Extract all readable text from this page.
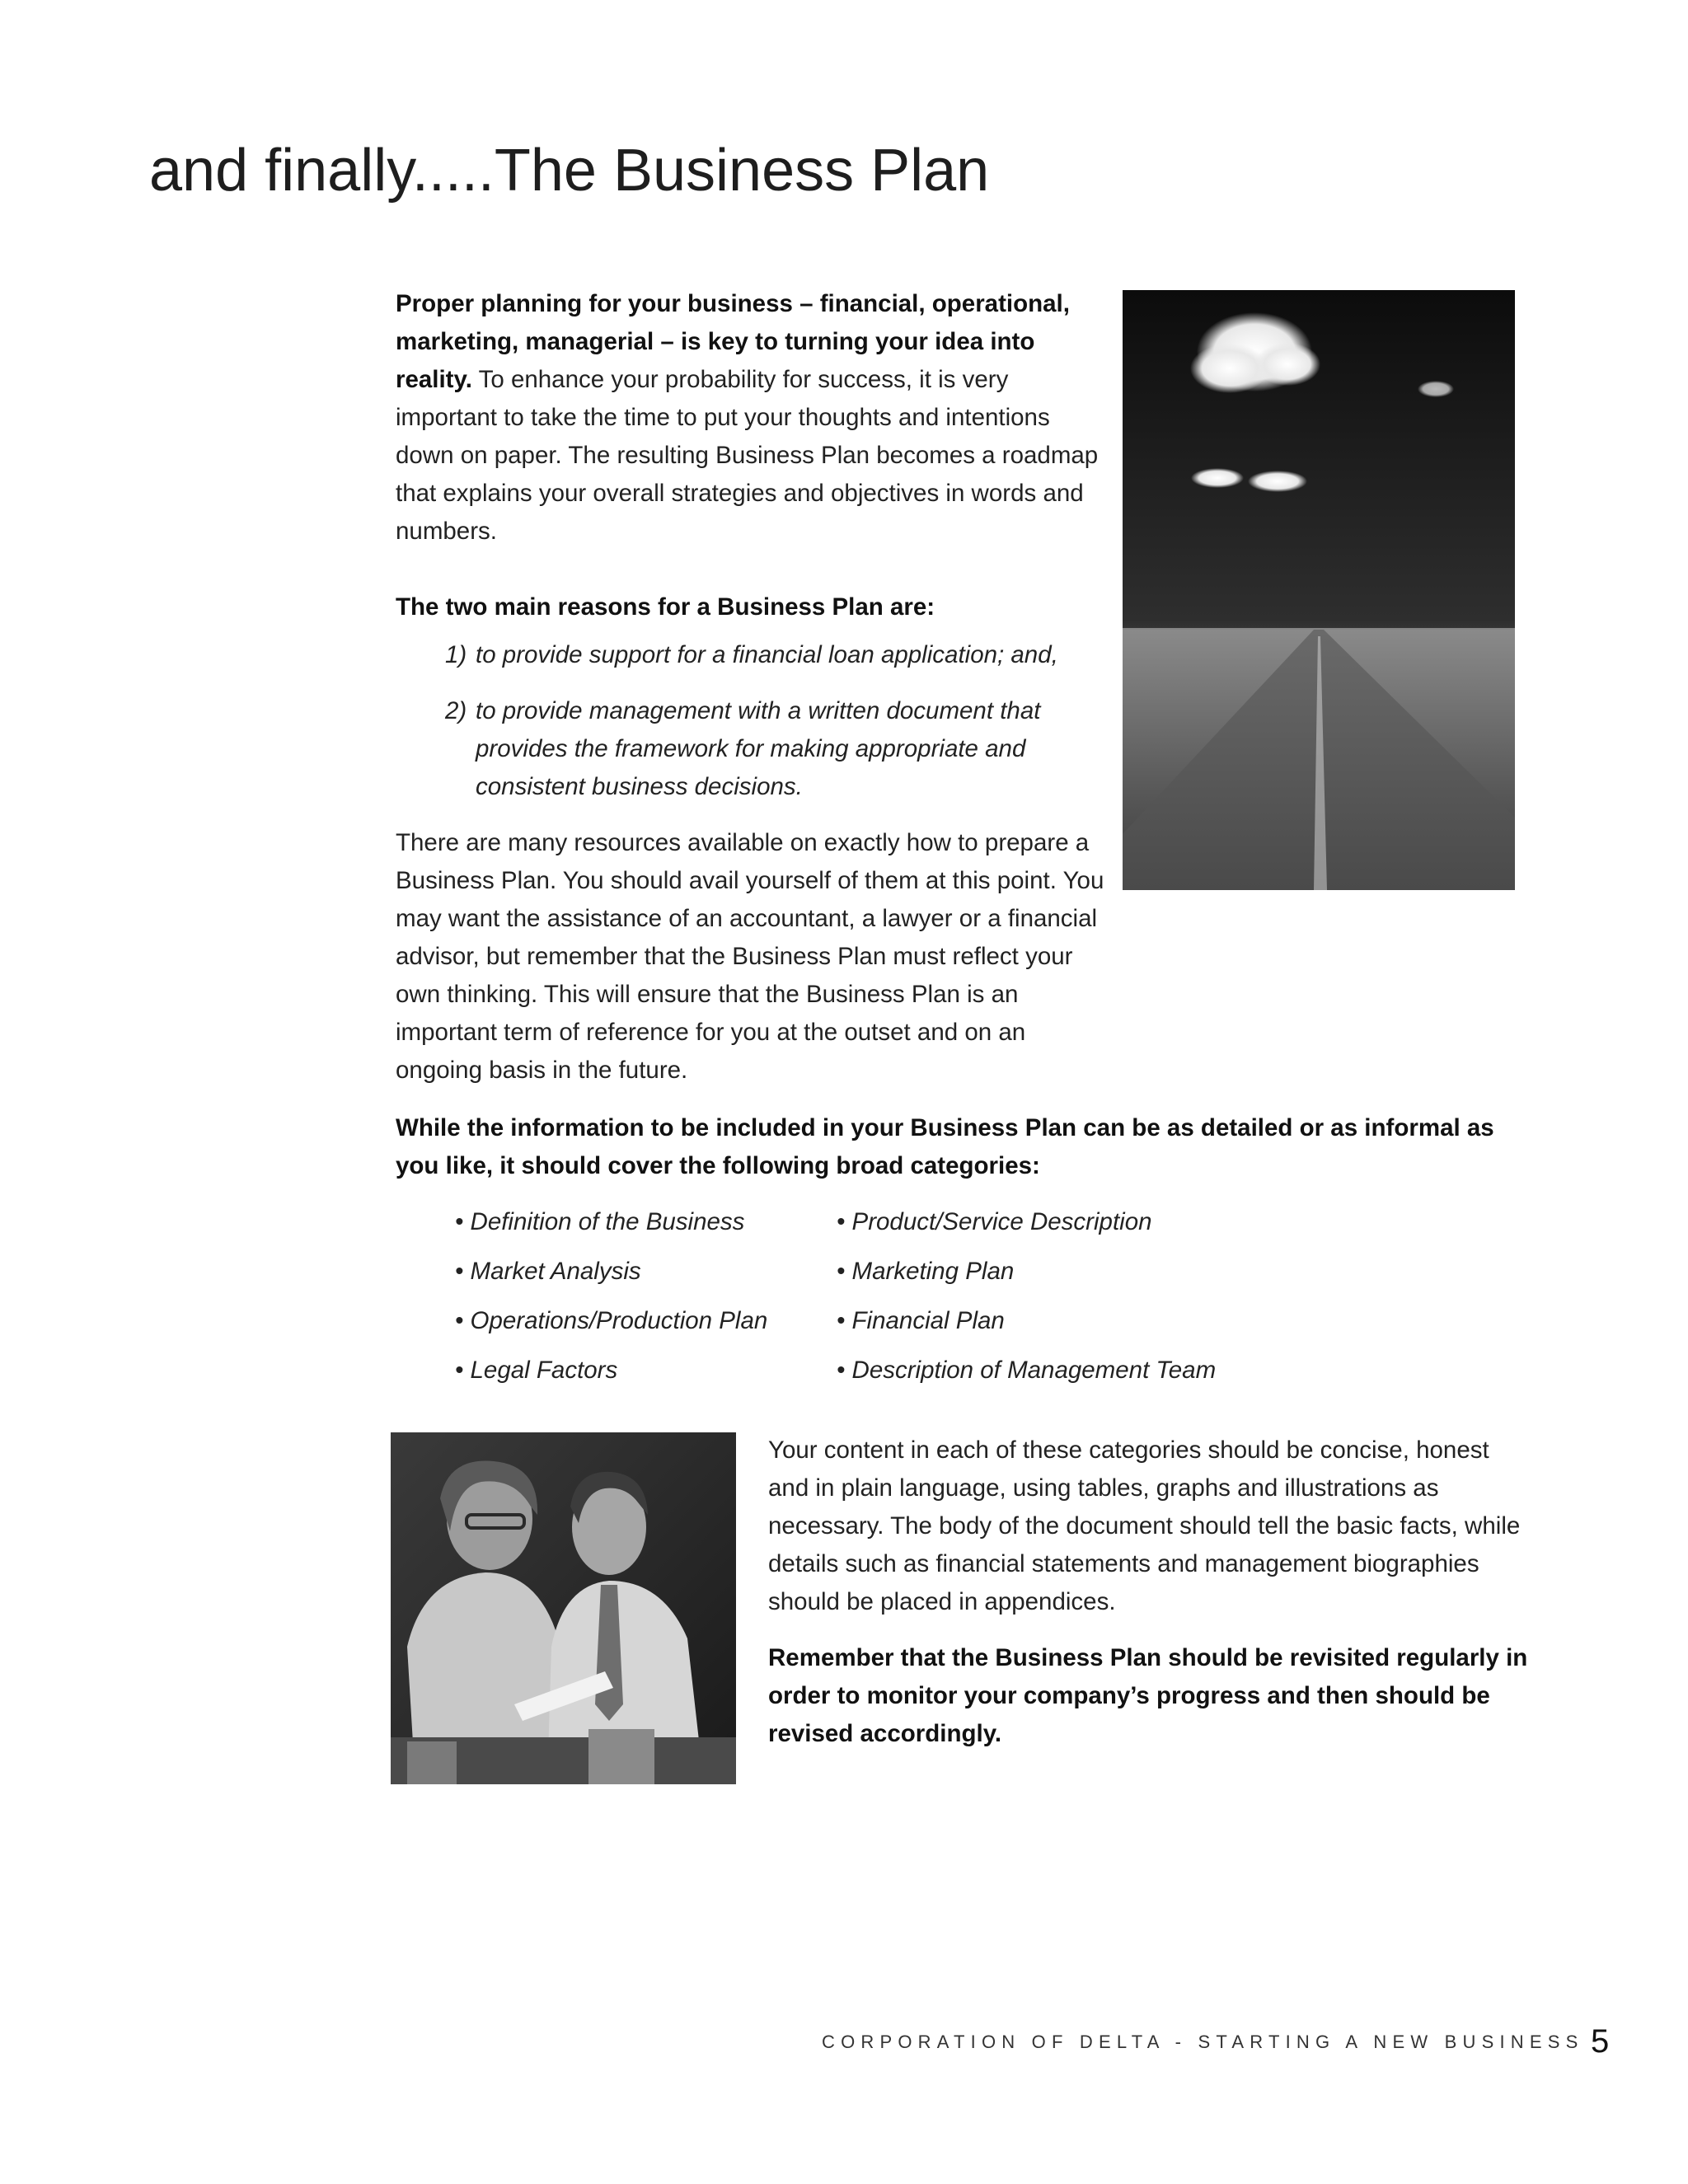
and finally.....The Business Plan

Proper planning for your business – financial, operational, marketing, managerial – is key to turning your idea into reality. To enhance your probability for success, it is very important to take the time to put your thoughts and intentions down on paper. The resulting Business Plan becomes a roadmap that explains your overall strategies and objectives in words and numbers.

The two main reasons for a Business Plan are:

1) to provide support for a financial loan application; and,
2) to provide management with a written document that provides the framework for making appropriate and consistent business decisions.

There are many resources available on exactly how to prepare a Business Plan. You should avail yourself of them at this point. You may want the assistance of an accountant, a lawyer or a financial advisor, but remember that the Business Plan must reflect your own thinking. This will ensure that the Business Plan is an important term of reference for you at the outset and on an ongoing basis in the future.

While the information to be included in your Business Plan can be as detailed or as informal as you like, it should cover the following broad categories:

• Definition of the Business	• Product/Service Description
• Market Analysis	• Marketing Plan
• Operations/Production Plan	• Financial Plan
• Legal Factors	• Description of Management Team

Your content in each of these categories should be concise, honest and in plain language, using tables, graphs and illustrations as necessary. The body of the document should tell the basic facts, while details such as financial statements and management biographies should be placed in appendices.

Remember that the Business Plan should be revisited regularly in order to monitor your company’s progress and then should be revised accordingly.

CORPORATION OF DELTA - STARTING A NEW BUSINESS 5
